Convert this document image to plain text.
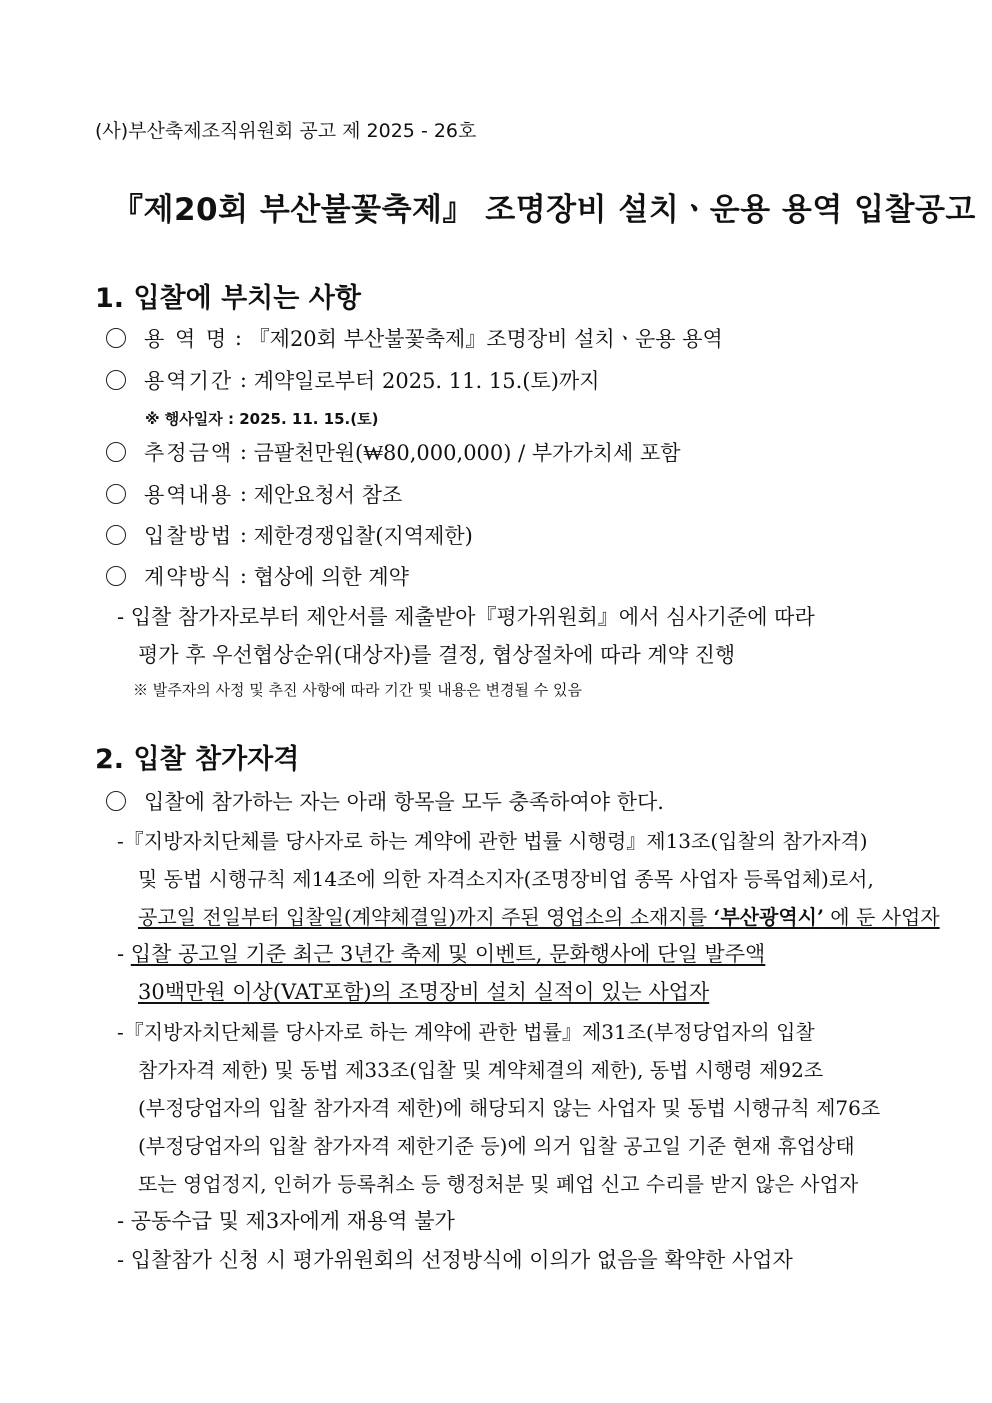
(사)부산축제조직위원회 공고 제 2025 - 26호
『제20회 부산불꽃축제』 조명장비 설치ㆍ운용 용역 입찰공고
1. 입찰에 부치는 사항
용 역 명 : 『제20회 부산불꽃축제』조명장비 설치ㆍ운용 용역
용역기간 : 계약일로부터 2025. 11. 15.(토)까지
※ 행사일자 : 2025. 11. 15.(토)
추정금액 : 금팔천만원(₩80,000,000) / 부가가치세 포함
용역내용 : 제안요청서 참조
입찰방법 : 제한경쟁입찰(지역제한)
계약방식 : 협상에 의한 계약
- 입찰 참가자로부터 제안서를 제출받아『평가위원회』에서 심사기준에 따라
평가 후 우선협상순위(대상자)를 결정, 협상절차에 따라 계약 진행
※ 발주자의 사정 및 추진 사항에 따라 기간 및 내용은 변경될 수 있음
2. 입찰 참가자격
입찰에 참가하는 자는 아래 항목을 모두 충족하여야 한다.
-『지방자치단체를 당사자로 하는 계약에 관한 법률 시행령』제13조(입찰의 참가자격)
및 동법 시행규칙 제14조에 의한 자격소지자(조명장비업 종목 사업자 등록업체)로서,
공고일 전일부터 입찰일(계약체결일)까지 주된 영업소의 소재지를 ‘부산광역시’ 에 둔 사업자
- 입찰 공고일 기준 최근 3년간 축제 및 이벤트, 문화행사에 단일 발주액
30백만원 이상(VAT포함)의 조명장비 설치 실적이 있는 사업자
-『지방자치단체를 당사자로 하는 계약에 관한 법률』제31조(부정당업자의 입찰
참가자격 제한) 및 동법 제33조(입찰 및 계약체결의 제한), 동법 시행령 제92조
(부정당업자의 입찰 참가자격 제한)에 해당되지 않는 사업자 및 동법 시행규칙 제76조
(부정당업자의 입찰 참가자격 제한기준 등)에 의거 입찰 공고일 기준 현재 휴업상태
또는 영업정지, 인허가 등록취소 등 행정처분 및 폐업 신고 수리를 받지 않은 사업자
- 공동수급 및 제3자에게 재용역 불가
- 입찰참가 신청 시 평가위원회의 선정방식에 이의가 없음을 확약한 사업자
